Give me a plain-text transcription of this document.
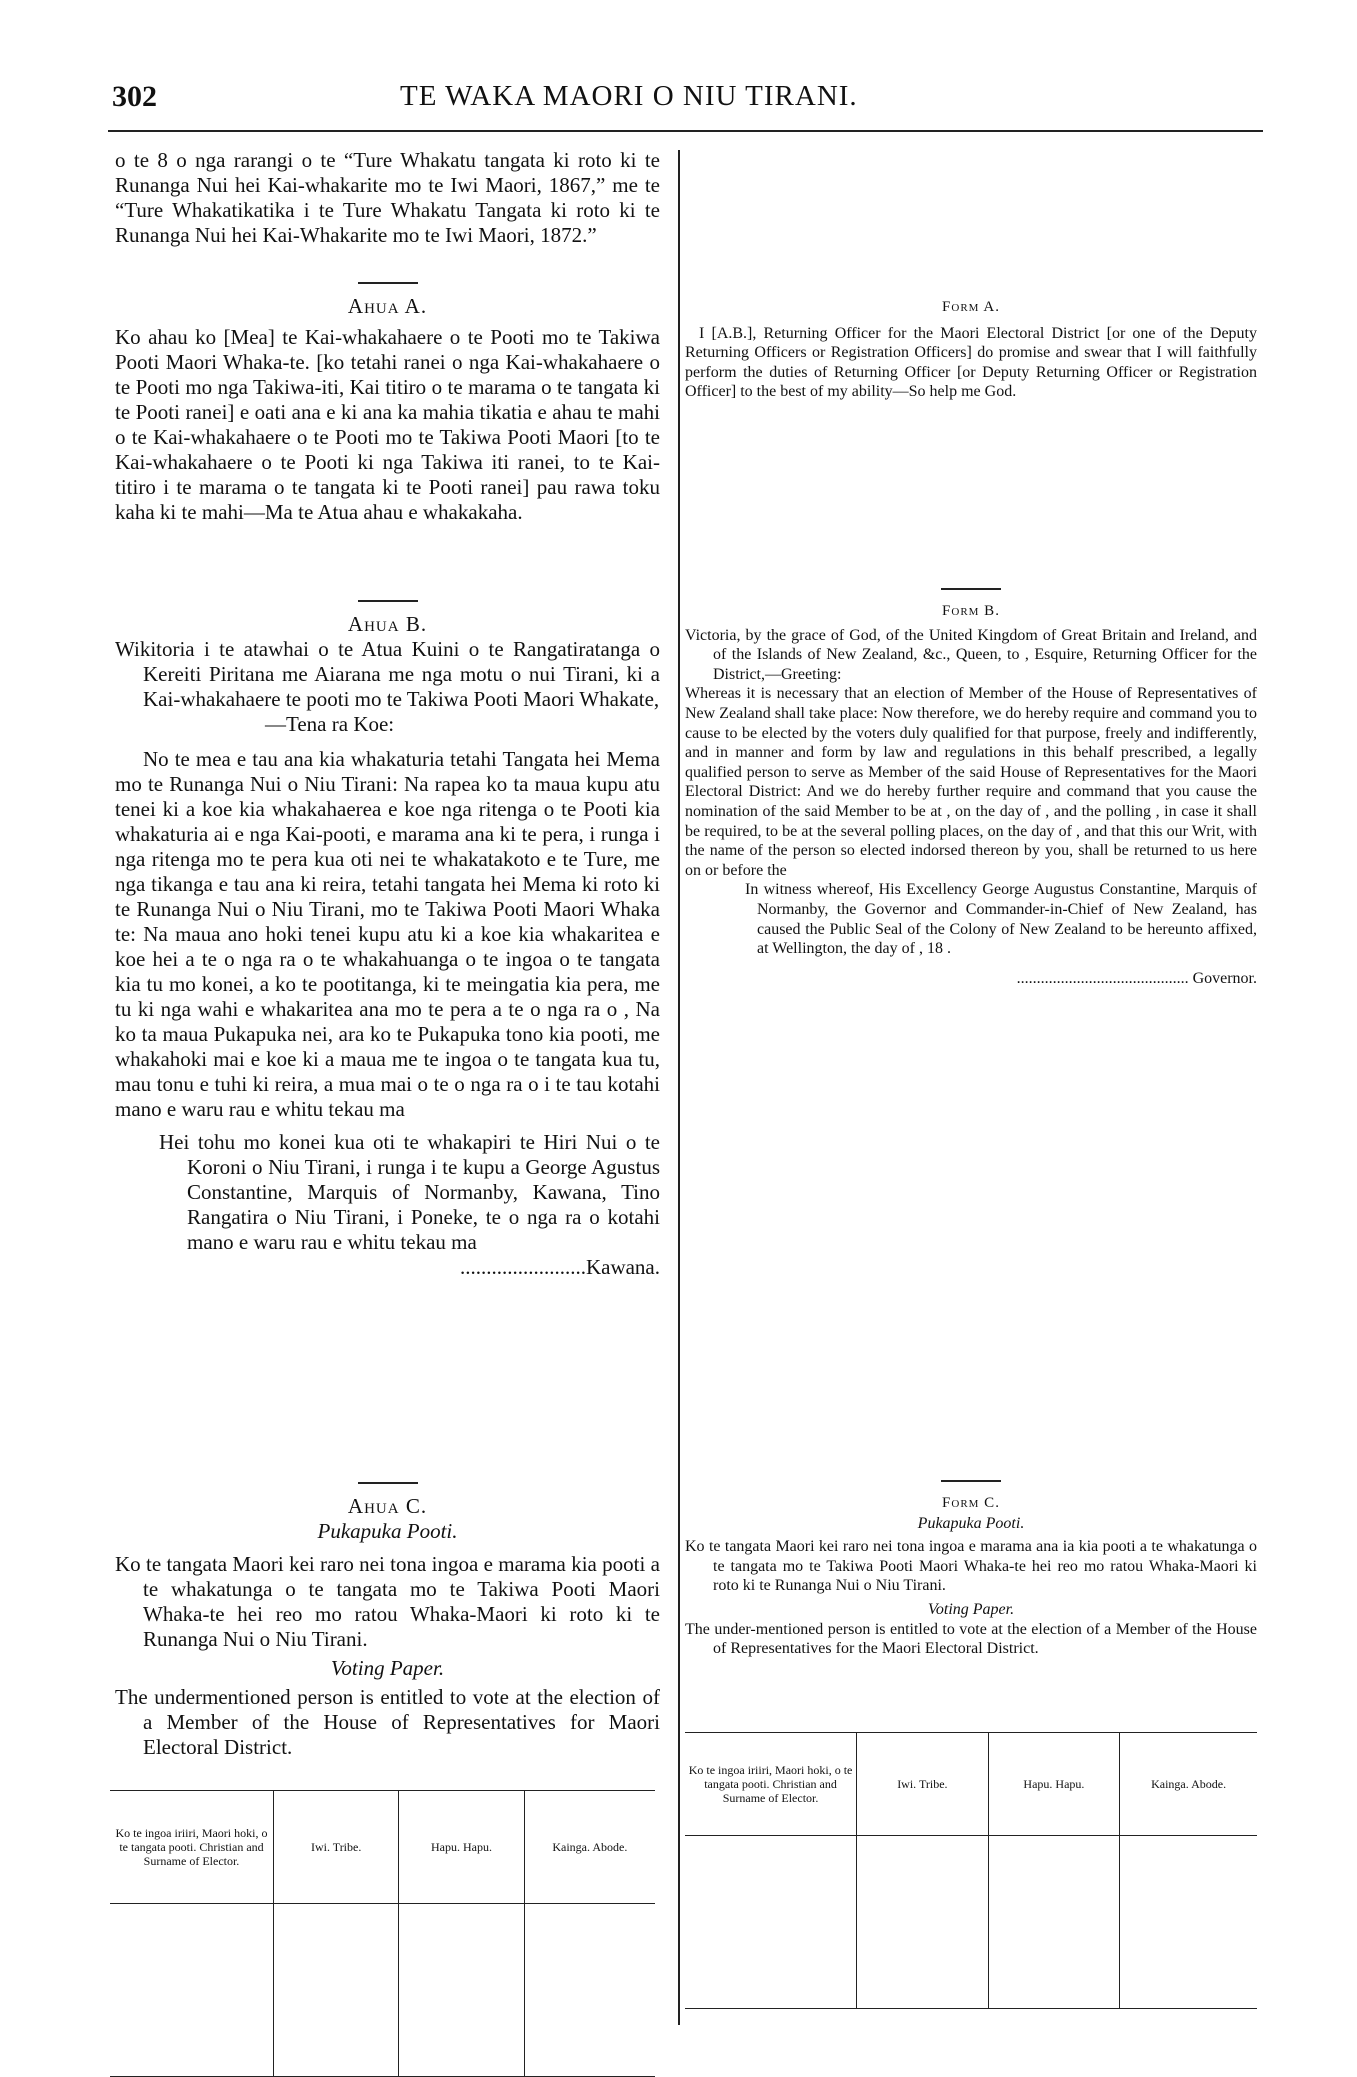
302	TE WAKA MAORI O NIU TIRANI.

o te 8 o nga rarangi o te “Ture Whakatu tangata ki roto ki te Runanga Nui hei Kai-whakarite mo te Iwi Maori, 1867,” me te “Ture Whakatikatika i te Ture Whakatu Tangata ki roto ki te Runanga Nui hei Kai-Whakarite mo te Iwi Maori, 1872.”

Ahua A.

Ko ahau ko [Mea] te Kai-whakahaere o te Pooti mo te Takiwa Pooti Maori Whaka-te. [ko tetahi ranei o nga Kai-whakahaere o te Pooti mo nga Takiwa-iti, Kai titiro o te marama o te tangata ki te Pooti ranei] e oati ana e ki ana ka mahia tikatia e ahau te mahi o te Kai-whakahaere o te Pooti mo te Takiwa Pooti Maori [to te Kai-whakahaere o te Pooti ki nga Takiwa iti ranei, to te Kai-titiro i te marama o te tangata ki te Pooti ranei] pau rawa toku kaha ki te mahi—Ma te Atua ahau e whakakaha.

Ahua B.

Wikitoria i te atawhai o te Atua Kuini o te Rangatiratanga o Kereiti Piritana me Aiarana me nga motu o nui Tirani, ki a Kai-whakahaere te pooti mo te Takiwa Pooti Maori Whakate,

—Tena ra Koe:

No te mea e tau ana kia whakaturia tetahi Tangata hei Mema mo te Runanga Nui o Niu Tirani: Na rapea ko ta maua kupu atu tenei ki a koe kia whakahaerea e koe nga ritenga o te Pooti kia whakaturia ai e nga Kai-pooti, e marama ana ki te pera, i runga i nga ritenga mo te pera kua oti nei te whakatakoto e te Ture, me nga tikanga e tau ana ki reira, tetahi tangata hei Mema ki roto ki te Runanga Nui o Niu Tirani, mo te Takiwa Pooti Maori Whaka te: Na maua ano hoki tenei kupu atu ki a koe kia whakaritea e koe hei a te o nga ra o te whakahuanga o te ingoa o te tangata kia tu mo konei, a ko te pootitanga, ki te meingatia kia pera, me tu ki nga wahi e whakaritea ana mo te pera a te o nga ra o , Na ko ta maua Pukapuka nei, ara ko te Pukapuka tono kia pooti, me whakahoki mai e koe ki a maua me te ingoa o te tangata kua tu, mau tonu e tuhi ki reira, a mua mai o te o nga ra o i te tau kotahi mano e waru rau e whitu tekau ma

Hei tohu mo konei kua oti te whakapiri te Hiri Nui o te Koroni o Niu Tirani, i runga i te kupu a George Agustus Constantine, Marquis of Normanby, Kawana, Tino Rangatira o Niu Tirani, i Poneke, te o nga ra o kotahi mano e waru rau e whitu tekau ma

........................Kawana.

Ahua C.

Pukapuka Pooti.

Ko te tangata Maori kei raro nei tona ingoa e marama kia pooti a te whakatunga o te tangata mo te Takiwa Pooti Maori Whaka-te hei reo mo ratou Whaka-Maori ki roto ki te Runanga Nui o Niu Tirani.

Voting Paper.

The undermentioned person is entitled to vote at the election of a Member of the House of Representatives for Maori Electoral District.

Ko te ingoa iriiri, Maori hoki, o te tangata pooti. Christian and Surname of Elector.	Iwi. Tribe.	Hapu. Hapu.	Kainga. Abode.

Form A.

I [A.B.], Returning Officer for the Maori Electoral District [or one of the Deputy Returning Officers or Registration Officers] do promise and swear that I will faithfully perform the duties of Returning Officer [or Deputy Returning Officer or Registration Officer] to the best of my ability—So help me God.

Form B.

Victoria, by the grace of God, of the United Kingdom of Great Britain and Ireland, and of the Islands of New Zealand, &c., Queen, to , Esquire, Returning Officer for the District,—Greeting:

Whereas it is necessary that an election of Member of the House of Representatives of New Zealand shall take place: Now therefore, we do hereby require and command you to cause to be elected by the voters duly qualified for that purpose, freely and indifferently, and in manner and form by law and regulations in this behalf prescribed, a legally qualified person to serve as Member of the said House of Representatives for the Maori Electoral District: And we do hereby further require and command that you cause the nomination of the said Member to be at , on the day of , and the polling , in case it shall be required, to be at the several polling places, on the day of , and that this our Writ, with the name of the person so elected indorsed thereon by you, shall be returned to us here on or before the

In witness whereof, His Excellency George Augustus Constantine, Marquis of Normanby, the Governor and Commander-in-Chief of New Zealand, has caused the Public Seal of the Colony of New Zealand to be hereunto affixed, at Wellington, the day of , 18 .

........................................... Governor.

Form C.

Pukapuka Pooti.

Ko te tangata Maori kei raro nei tona ingoa e marama ana ia kia pooti a te whakatunga o te tangata mo te Takiwa Pooti Maori Whaka-te hei reo mo ratou Whaka-Maori ki roto ki te Runanga Nui o Niu Tirani.

Voting Paper.

The under-mentioned person is entitled to vote at the election of a Member of the House of Representatives for the Maori Electoral District.

Ko te ingoa iriiri, Maori hoki, o te tangata pooti. Christian and Surname of Elector.	Iwi. Tribe.	Hapu. Hapu.	Kainga. Abode.
